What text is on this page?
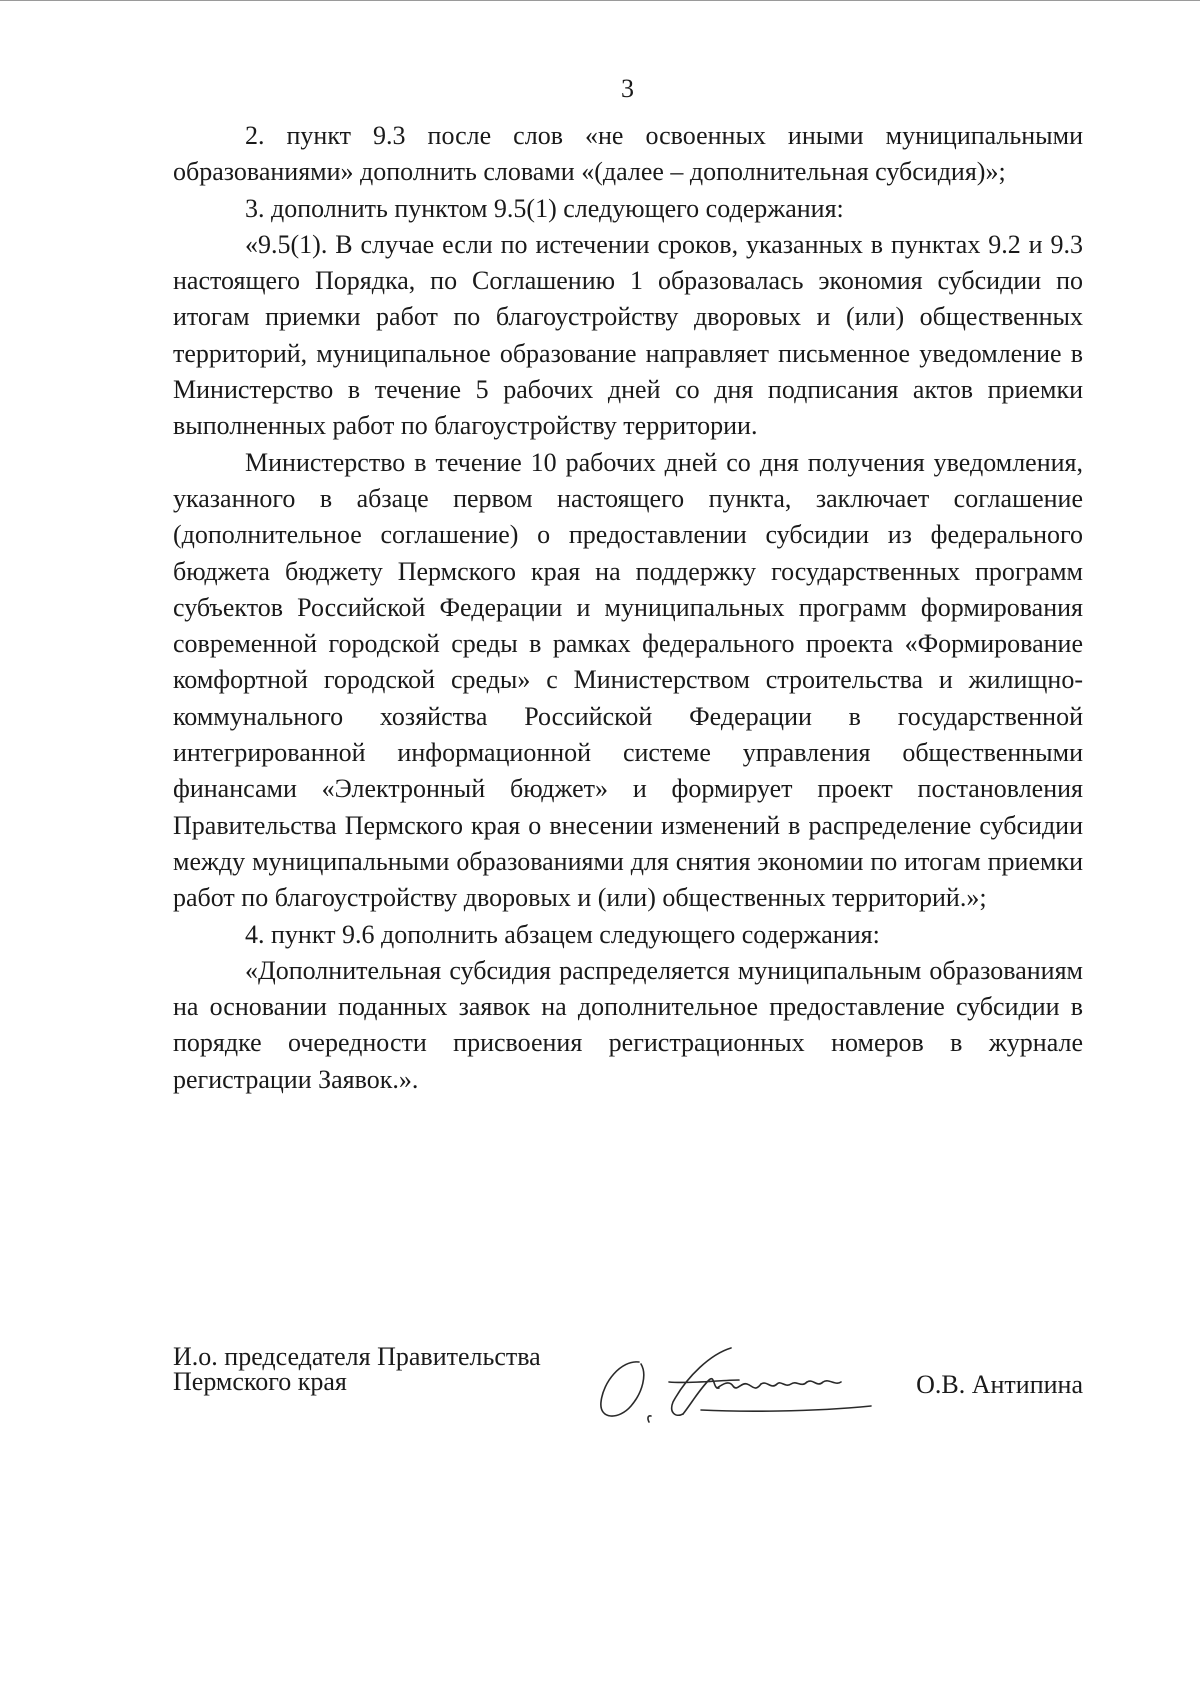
3

2. пункт 9.3 после слов «не освоенных иными муниципальными образованиями» дополнить словами «(далее – дополнительная субсидия)»;

3. дополнить пунктом 9.5(1) следующего содержания:

«9.5(1). В случае если по истечении сроков, указанных в пунктах 9.2 и 9.3 настоящего Порядка, по Соглашению 1 образовалась экономия субсидии по итогам приемки работ по благоустройству дворовых и (или) общественных территорий, муниципальное образование направляет письменное уведомление в Министерство в течение 5 рабочих дней со дня подписания актов приемки выполненных работ по благоустройству территории.

Министерство в течение 10 рабочих дней со дня получения уведомления, указанного в абзаце первом настоящего пункта, заключает соглашение (дополнительное соглашение) о предоставлении субсидии из федерального бюджета бюджету Пермского края на поддержку государственных программ субъектов Российской Федерации и муниципальных программ формирования современной городской среды в рамках федерального проекта «Формирование комфортной городской среды» с Министерством строительства и жилищно-коммунального хозяйства Российской Федерации в государственной интегрированной информационной системе управления общественными финансами «Электронный бюджет» и формирует проект постановления Правительства Пермского края о внесении изменений в распределение субсидии между муниципальными образованиями для снятия экономии по итогам приемки работ по благоустройству дворовых и (или) общественных территорий.»;

4. пункт 9.6 дополнить абзацем следующего содержания:

«Дополнительная субсидия распределяется муниципальным образованиям на основании поданных заявок на дополнительное предоставление субсидии в порядке очередности присвоения регистрационных номеров в журнале регистрации Заявок.».

И.о. председателя Правительства
Пермского края	О.В. Антипина
